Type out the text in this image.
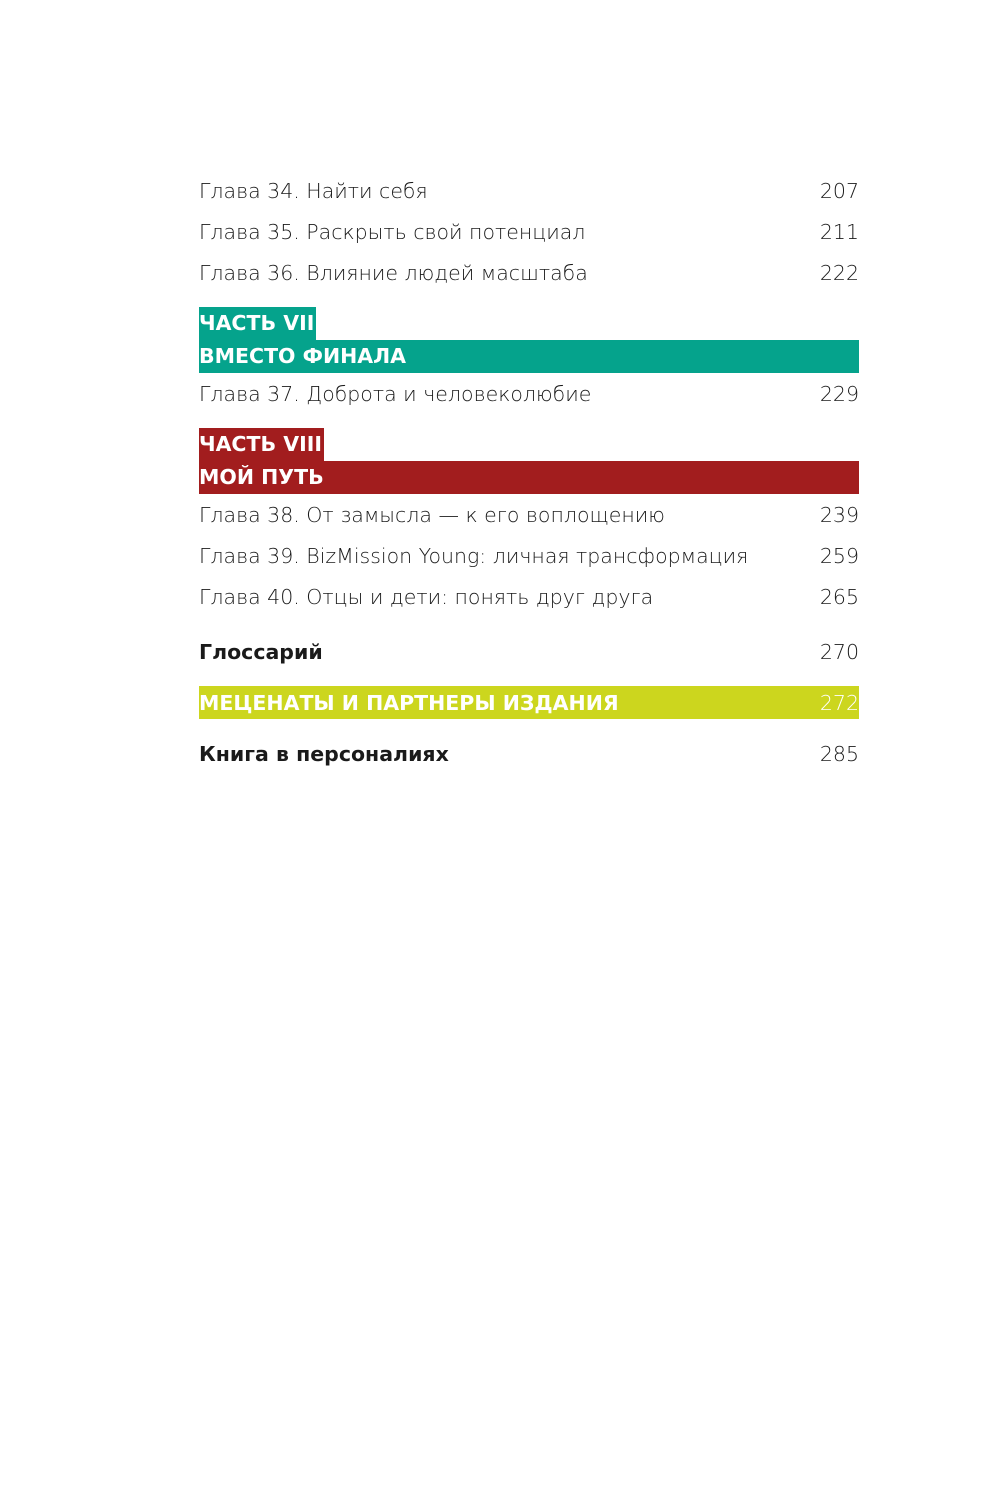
Глава 34. Найти себя	207
Глава 35. Раскрыть свой потенциал	211
Глава 36. Влияние людей масштаба	222
ЧАСТЬ VII
ВМЕСТО ФИНАЛА
Глава 37. Доброта и человеколюбие	229
ЧАСТЬ VIII
МОЙ ПУТЬ
Глава 38. От замысла — к его воплощению	239
Глава 39. BizMission Young: личная трансформация	259
Глава 40. Отцы и дети: понять друг друга	265
Глоссарий	270
МЕЦЕНАТЫ И ПАРТНЕРЫ ИЗДАНИЯ	272
Книга в персоналиях	285
